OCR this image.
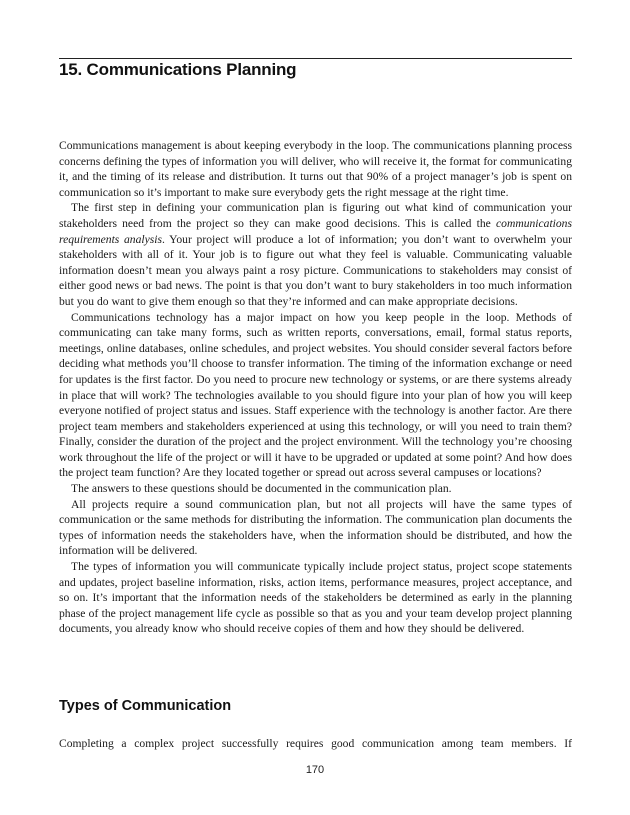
15. Communications Planning

Communications management is about keeping everybody in the loop. The communications planning process concerns defining the types of information you will deliver, who will receive it, the format for communicating it, and the timing of its release and distribution. It turns out that 90% of a project manager’s job is spent on communication so it’s important to make sure everybody gets the right message at the right time.

The first step in defining your communication plan is figuring out what kind of communication your stakeholders need from the project so they can make good decisions. This is called the communications requirements analysis. Your project will produce a lot of information; you don’t want to overwhelm your stakeholders with all of it. Your job is to figure out what they feel is valuable. Communicating valuable information doesn’t mean you always paint a rosy picture. Communications to stakeholders may consist of either good news or bad news. The point is that you don’t want to bury stakeholders in too much information but you do want to give them enough so that they’re informed and can make appropriate decisions.

Communications technology has a major impact on how you keep people in the loop. Methods of communicating can take many forms, such as written reports, conversations, email, formal status reports, meetings, online databases, online schedules, and project websites. You should consider several factors before deciding what methods you’ll choose to transfer information. The timing of the information exchange or need for updates is the first factor. Do you need to procure new technology or systems, or are there systems already in place that will work? The technologies available to you should figure into your plan of how you will keep everyone notified of project status and issues. Staff experience with the technology is another factor. Are there project team members and stakeholders experienced at using this technology, or will you need to train them? Finally, consider the duration of the project and the project environment. Will the technology you’re choosing work throughout the life of the project or will it have to be upgraded or updated at some point? And how does the project team function? Are they located together or spread out across several campuses or locations?

The answers to these questions should be documented in the communication plan.

All projects require a sound communication plan, but not all projects will have the same types of communication or the same methods for distributing the information. The communication plan documents the types of information needs the stakeholders have, when the information should be distributed, and how the information will be delivered.

The types of information you will communicate typically include project status, project scope statements and updates, project baseline information, risks, action items, performance measures, project acceptance, and so on. It’s important that the information needs of the stakeholders be determined as early in the planning phase of the project management life cycle as possible so that as you and your team develop project planning documents, you already know who should receive copies of them and how they should be delivered.

Types of Communication

Completing a complex project successfully requires good communication among team members. If

170
